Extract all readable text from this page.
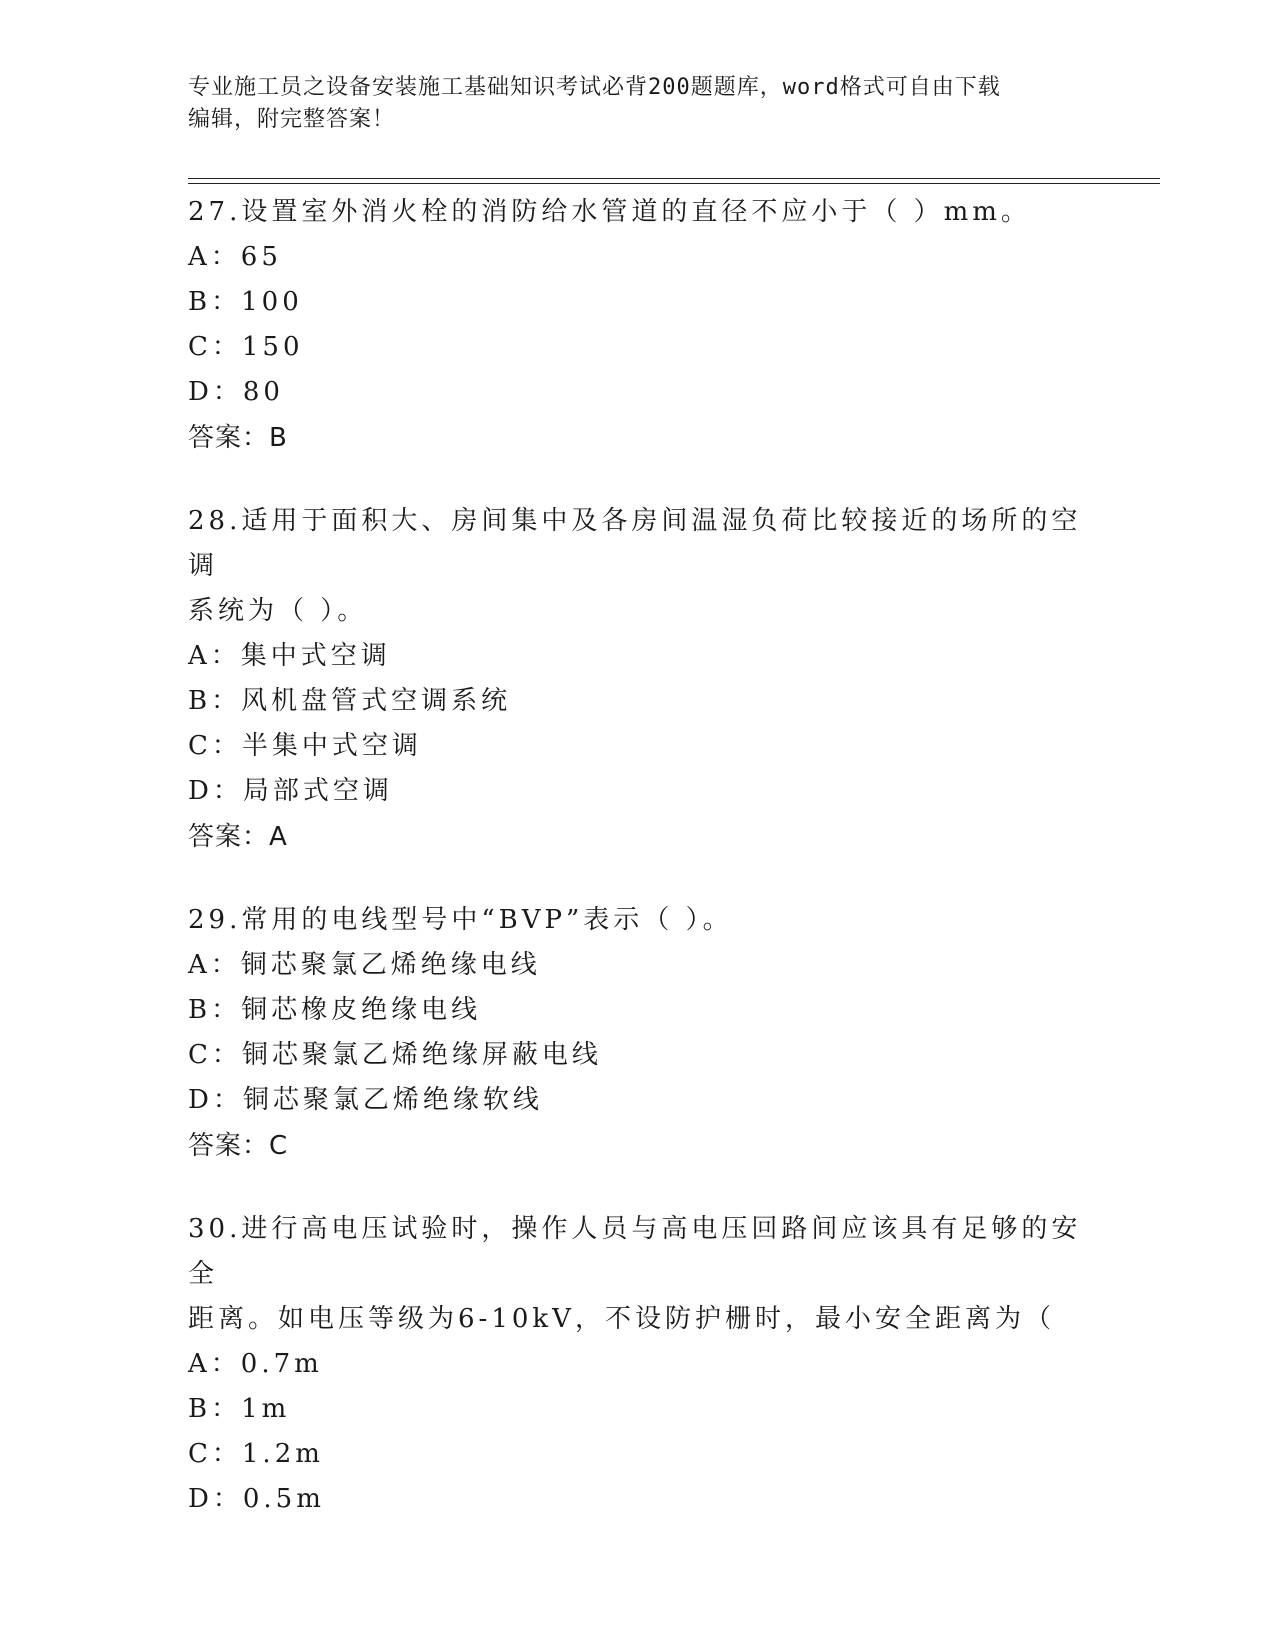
专业施工员之设备安装施工基础知识考试必背200题题库，word格式可自由下载
编辑，附完整答案！

27.设置室外消火栓的消防给水管道的直径不应小于（ ）mm。

A：65

B：100

C：150

D：80

答案：B

28.适用于面积大、房间集中及各房间温湿负荷比较接近的场所的空调

系统为（ ）。

A：集中式空调

B：风机盘管式空调系统

C：半集中式空调

D：局部式空调

答案：A

29.常用的电线型号中“BVP”表示（ ）。

A：铜芯聚氯乙烯绝缘电线

B：铜芯橡皮绝缘电线

C：铜芯聚氯乙烯绝缘屏蔽电线

D：铜芯聚氯乙烯绝缘软线

答案：C

30.进行高电压试验时，操作人员与高电压回路间应该具有足够的安全

距离。如电压等级为6-10kV，不设防护栅时，最小安全距离为（

A：0.7m

B：1m

C：1.2m

D：0.5m
